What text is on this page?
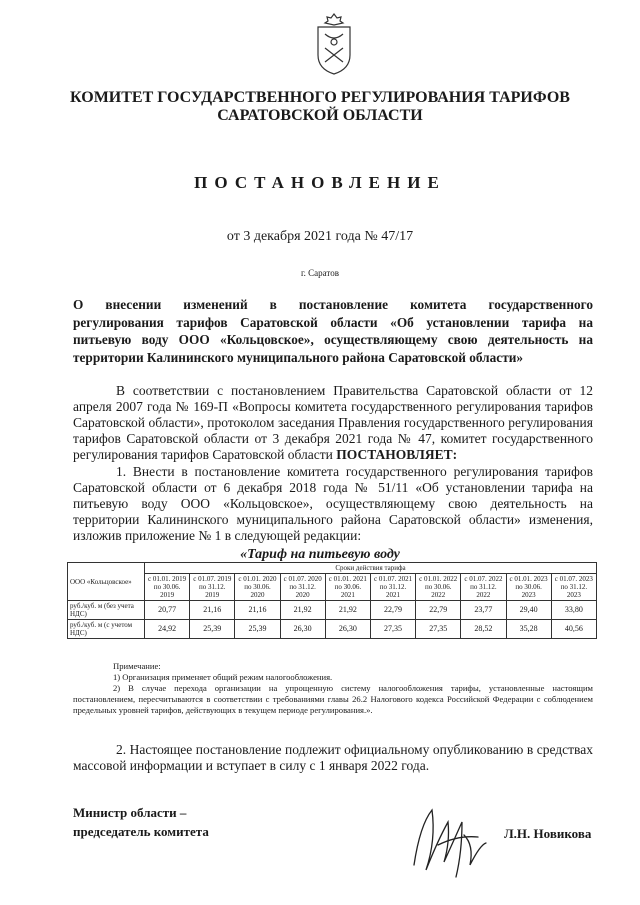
КОМИТЕТ ГОСУДАРСТВЕННОГО РЕГУЛИРОВАНИЯ ТАРИФОВ
САРАТОВСКОЙ ОБЛАСТИ
ПОСТАНОВЛЕНИЕ
от 3 декабря 2021 года № 47/17
г. Саратов
О внесении изменений в постановление комитета государственного
регулирования тарифов Саратовской области «Об установлении тарифа на
питьевую воду ООО «Кольцовское», осуществляющему свою деятельность на
территории Калининского муниципального района Саратовской области»
В соответствии с постановлением Правительства Саратовской области от 12 апреля 2007 года № 169-П «Вопросы комитета государственного регулирования тарифов Саратовской области», протоколом заседания Правления государственного регулирования тарифов Саратовской области от 3 декабря 2021 года № 47, комитет государственного регулирования тарифов Саратовской области ПОСТАНОВЛЯЕТ:
1. Внести в постановление комитета государственного регулирования тарифов Саратовской области от 6 декабря 2018 года № 51/11 «Об установлении тарифа на питьевую воду ООО «Кольцовское», осуществляющему свою деятельность на территории Калининского муниципального района Саратовской области» изменения, изложив приложение № 1 в следующей редакции:
«Тариф на питьевую воду
ООО «Кольцовское»	Сроки действия тарифа									
	с 01.01. 2019 по 30.06. 2019	с 01.07. 2019 по 31.12. 2019	с 01.01. 2020 по 30.06. 2020	с 01.07. 2020 по 31.12. 2020	с 01.01. 2021 по 30.06. 2021	с 01.07. 2021 по 31.12. 2021	с 01.01. 2022 по 30.06. 2022	с 01.07. 2022 по 31.12. 2022	с 01.01. 2023 по 30.06. 2023	с 01.07. 2023 по 31.12. 2023
руб./куб. м (без учета НДС)	20,77	21,16	21,16	21,92	21,92	22,79	22,79	23,77	29,40	33,80
руб./куб. м (с учетом НДС)	24,92	25,39	25,39	26,30	26,30	27,35	27,35	28,52	35,28	40,56
Примечание:
1) Организация применяет общий режим налогообложения.
2) В случае перехода организации на упрощенную систему налогообложения тарифы, установленные настоящим постановлением, пересчитываются в соответствии с требованиями главы 26.2 Налогового кодекса Российской Федерации с соблюдением предельных уровней тарифов, действующих в текущем периоде регулирования.».
2. Настоящее постановление подлежит официальному опубликованию в средствах массовой информации и вступает в силу с 1 января 2022 года.
Министр области –
председатель комитета	Л.Н. Новикова
